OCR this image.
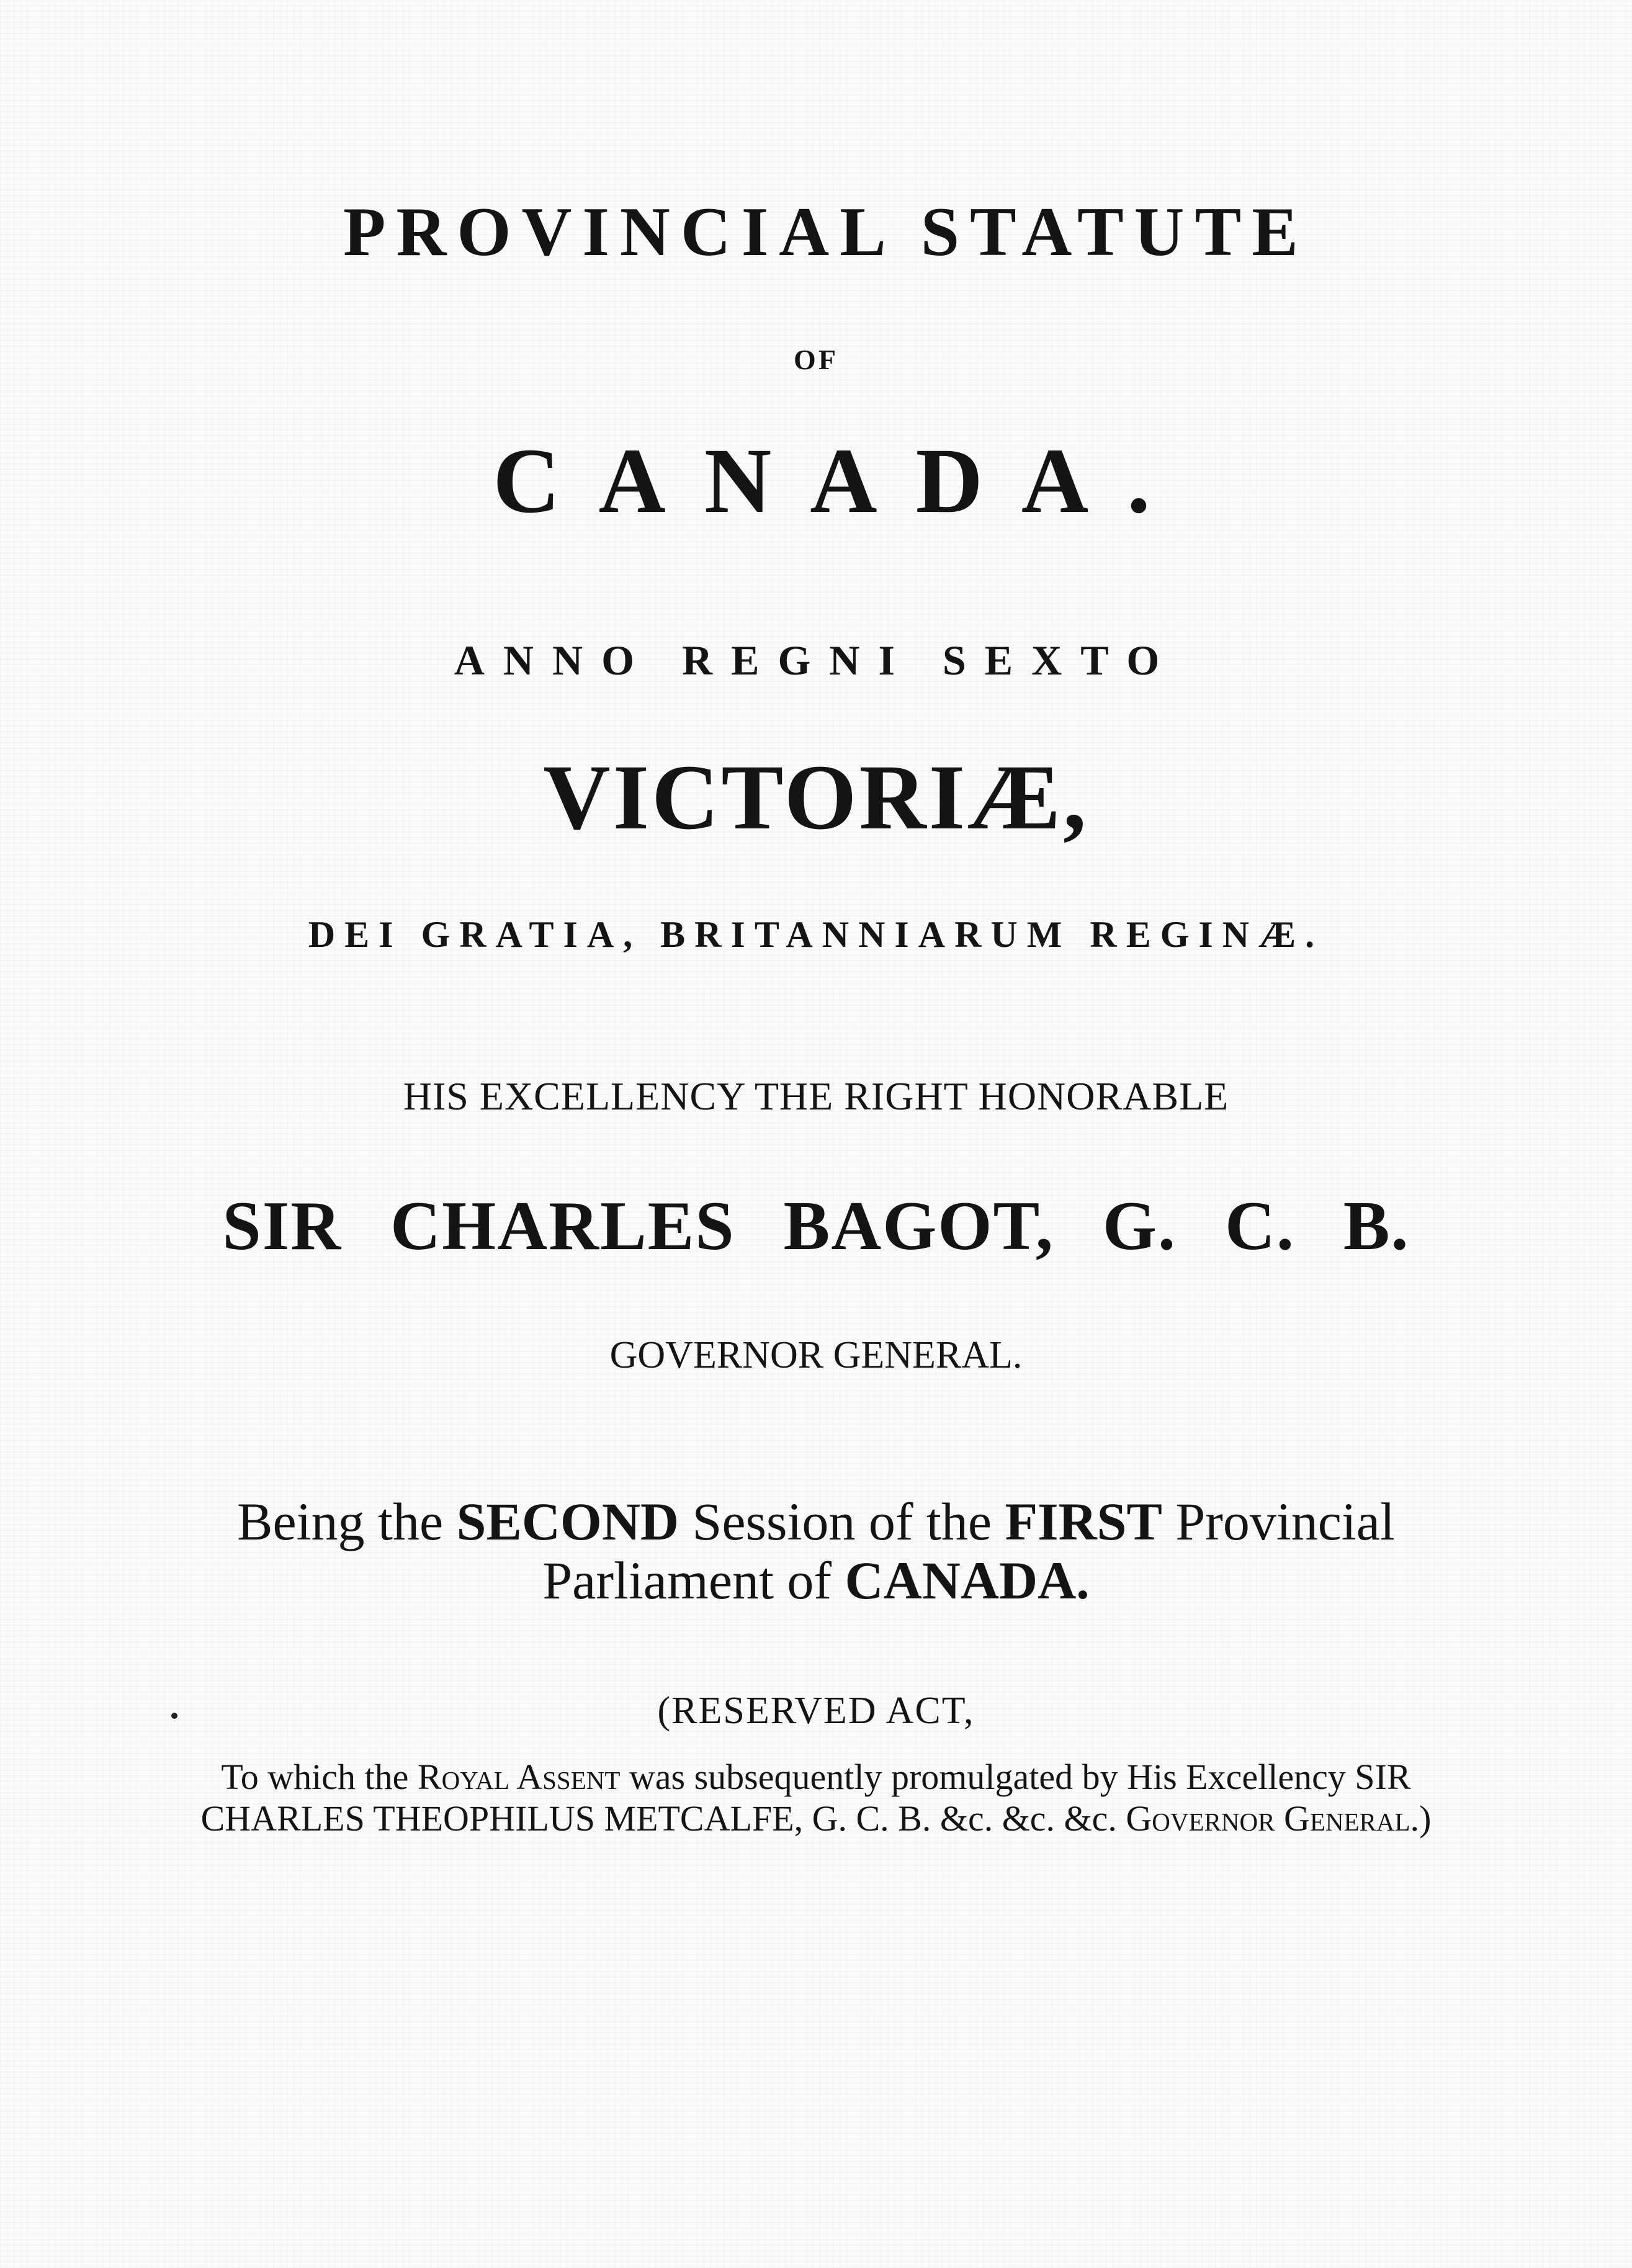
PROVINCIAL STATUTE
OF
CANADA.
ANNO REGNI SEXTO
VICTORIÆ,
DEI GRATIA, BRITANNIARUM REGINÆ.
HIS EXCELLENCY THE RIGHT HONORABLE
SIR CHARLES BAGOT, G. C. B.
GOVERNOR GENERAL.
Being the SECOND Session of the FIRST Provincial
Parliament of CANADA.
(RESERVED ACT,
To which the Royal Assent was subsequently promulgated by His Excellency SIR
CHARLES THEOPHILUS METCALFE, G. C. B. &c. &c. &c. Governor General.)
